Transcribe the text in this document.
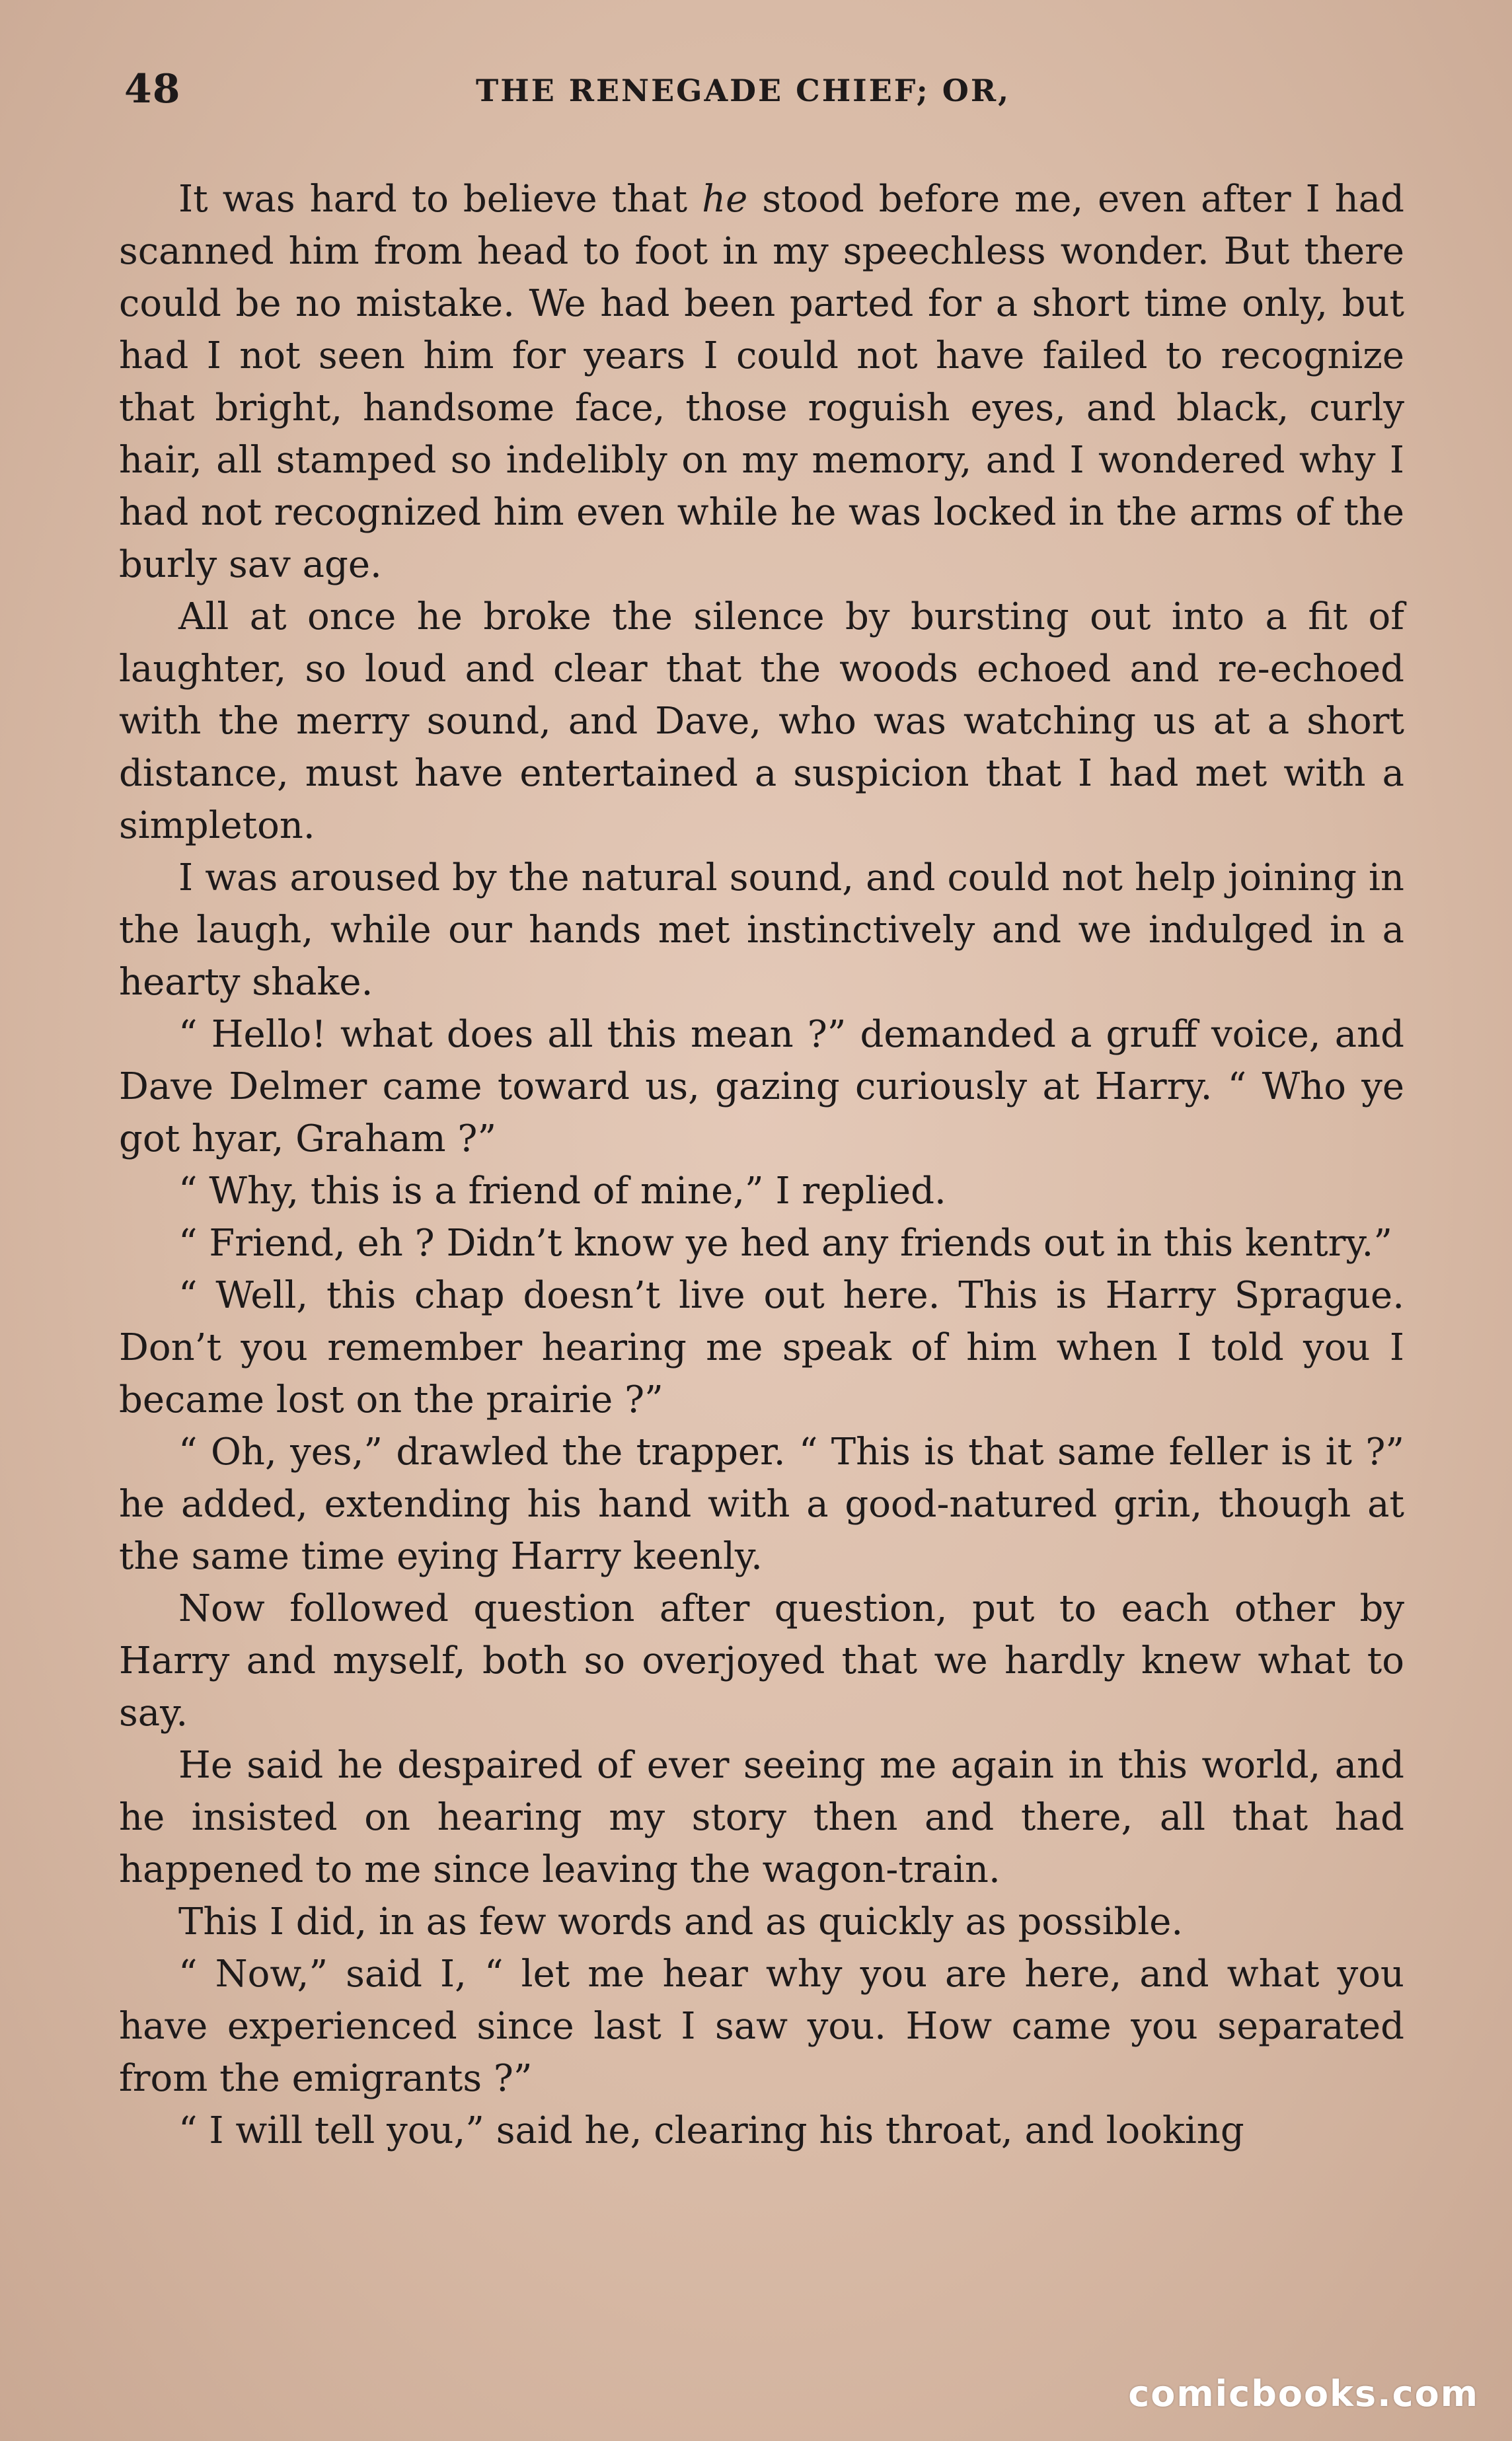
48	THE RENEGADE CHIEF; OR,

It was hard to believe that he stood before me, even after I had scanned him from head to foot in my speechless wonder. But there could be no mistake. We had been parted for a short time only, but had I not seen him for years I could not have failed to recognize that bright, handsome face, those roguish eyes, and black, curly hair, all stamped so indelibly on my memory, and I wondered why I had not recognized him even while he was locked in the arms of the burly sav age.

All at once he broke the silence by bursting out into a fit of laughter, so loud and clear that the woods echoed and re-echoed with the merry sound, and Dave, who was watching us at a short distance, must have entertained a suspicion that I had met with a simpleton.

I was aroused by the natural sound, and could not help joining in the laugh, while our hands met instinctively and we indulged in a hearty shake.

“ Hello! what does all this mean ?” demanded a gruff voice, and Dave Delmer came toward us, gazing curiously at Harry. “ Who ye got hyar, Graham ?”

“ Why, this is a friend of mine,” I replied.

“ Friend, eh ? Didn’t know ye hed any friends out in this kentry.”

“ Well, this chap doesn’t live out here. This is Harry Sprague. Don’t you remember hearing me speak of him when I told you I became lost on the prairie ?”

“ Oh, yes,” drawled the trapper. “ This is that same feller is it ?” he added, extending his hand with a good-natured grin, though at the same time eying Harry keenly.

Now followed question after question, put to each other by Harry and myself, both so overjoyed that we hardly knew what to say.

He said he despaired of ever seeing me again in this world, and he insisted on hearing my story then and there, all that had happened to me since leaving the wagon-train.

This I did, in as few words and as quickly as possible.

“ Now,” said I, “ let me hear why you are here, and what you have experienced since last I saw you. How came you separated from the emigrants ?”

“ I will tell you,” said he, clearing his throat, and looking

comicbooks.com
